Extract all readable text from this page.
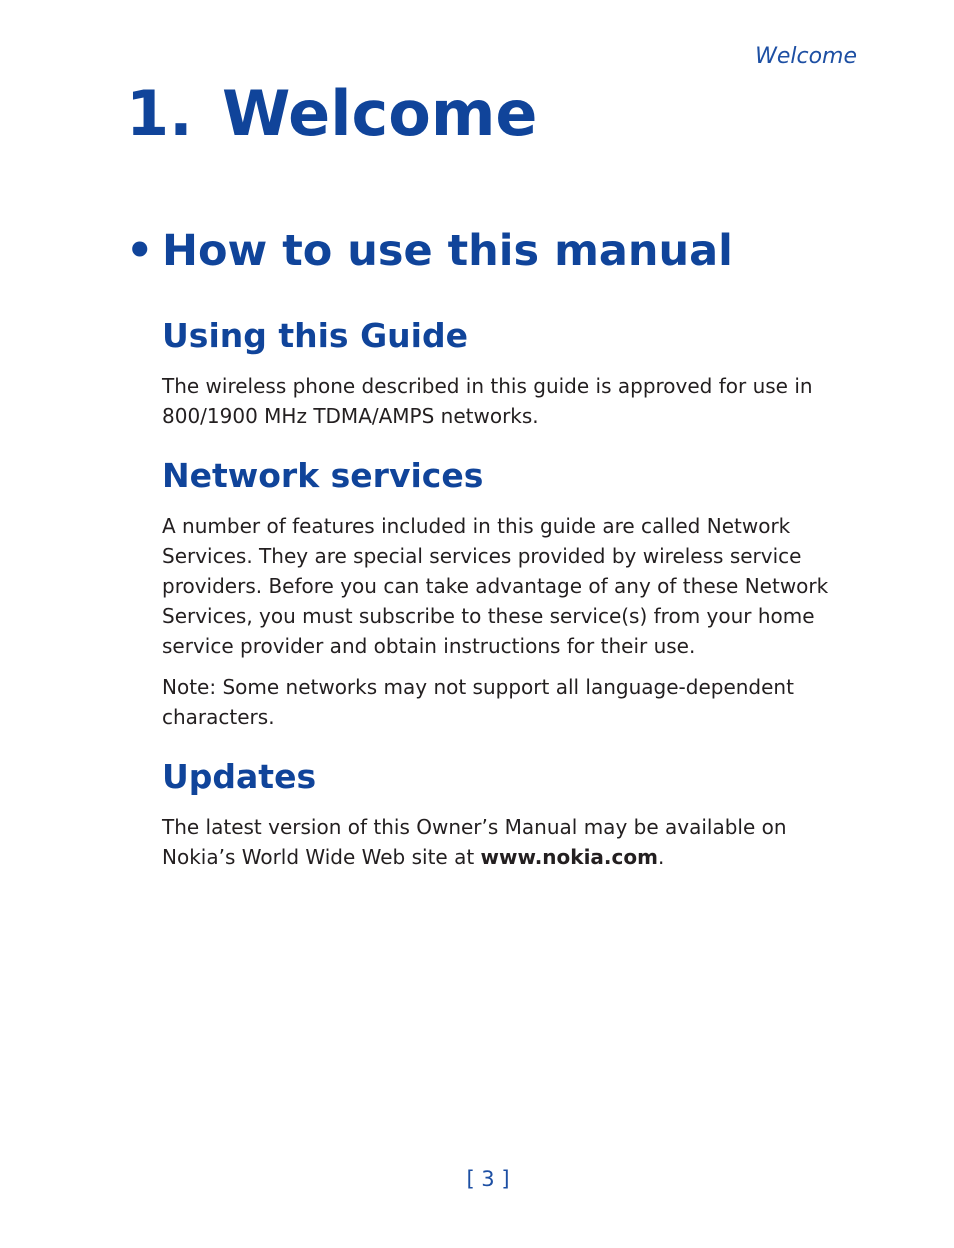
Welcome
1. Welcome
• How to use this manual
Using this Guide

The wireless phone described in this guide is approved for use in 800/1900 MHz TDMA/AMPS networks.

Network services

A number of features included in this guide are called Network Services. They are special services provided by wireless service providers. Before you can take advantage of any of these Network Services, you must subscribe to these service(s) from your home service provider and obtain instructions for their use.

Note: Some networks may not support all language-dependent characters.

Updates

The latest version of this Owner’s Manual may be available on Nokia’s World Wide Web site at www.nokia.com.

[ 3 ]
